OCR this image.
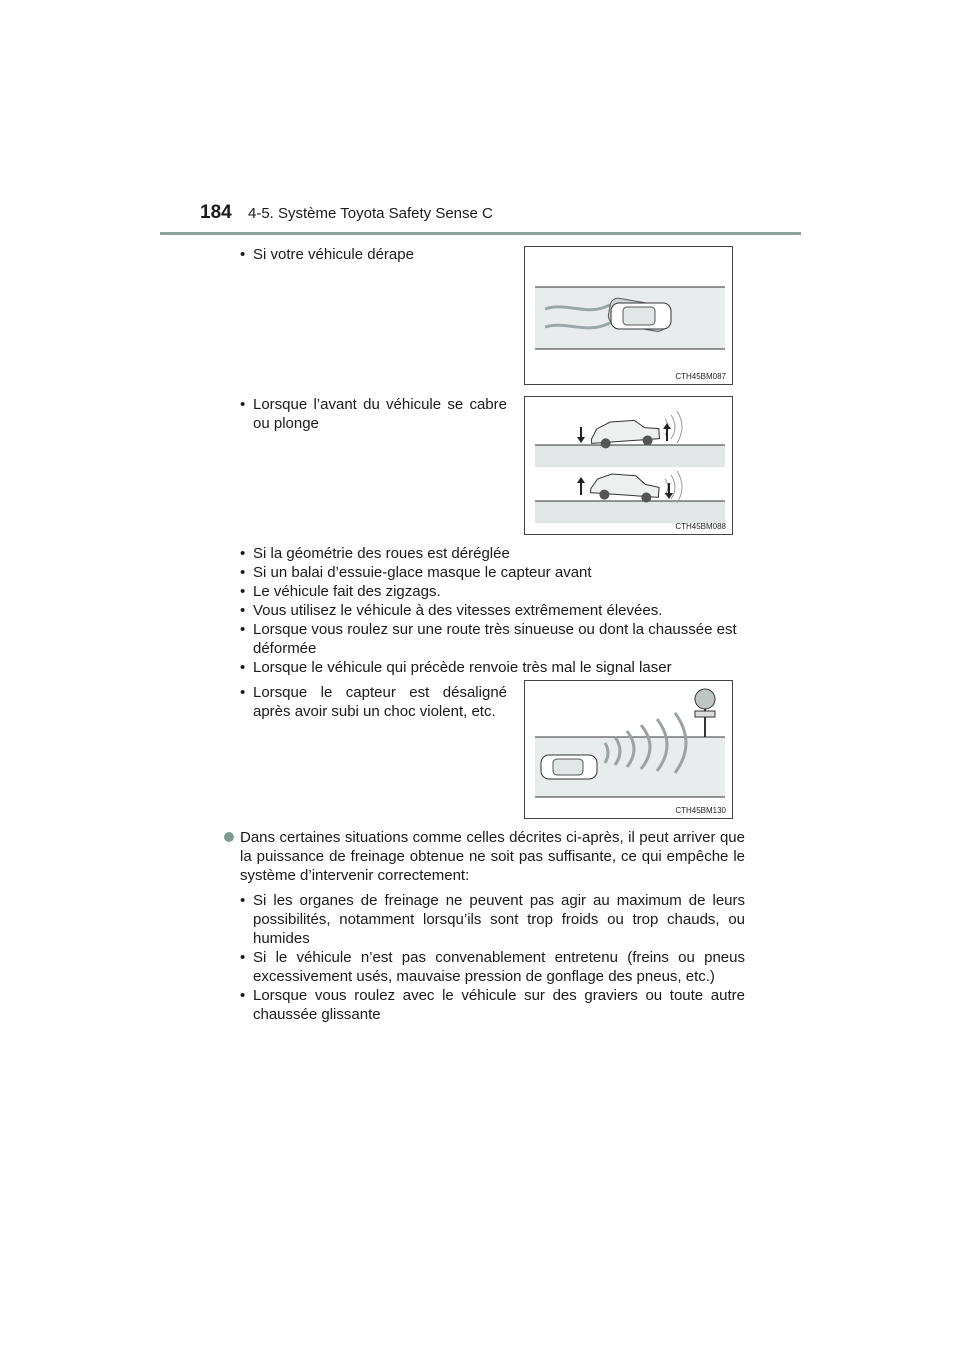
184 4-5. Système Toyota Safety Sense C
• Si votre véhicule dérape
CTH45BM087
• Lorsque l’avant du véhicule se cabre
ou plonge
CTH45BM088
• Si la géométrie des roues est déréglée
• Si un balai d’essuie-glace masque le capteur avant
• Le véhicule fait des zigzags.
• Vous utilisez le véhicule à des vitesses extrêmement élevées.
• Lorsque vous roulez sur une route très sinueuse ou dont la chaussée est
déformée
• Lorsque le véhicule qui précède renvoie très mal le signal laser
• Lorsque le capteur est désaligné
après avoir subi un choc violent, etc.
CTH45BM130
Dans certaines situations comme celles décrites ci-après, il peut arriver que
la puissance de freinage obtenue ne soit pas suffisante, ce qui empêche le
système d’intervenir correctement:
• Si les organes de freinage ne peuvent pas agir au maximum de leurs
possibilités, notamment lorsqu’ils sont trop froids ou trop chauds, ou
humides
• Si le véhicule n’est pas convenablement entretenu (freins ou pneus
excessivement usés, mauvaise pression de gonflage des pneus, etc.)
• Lorsque vous roulez avec le véhicule sur des graviers ou toute autre
chaussée glissante
